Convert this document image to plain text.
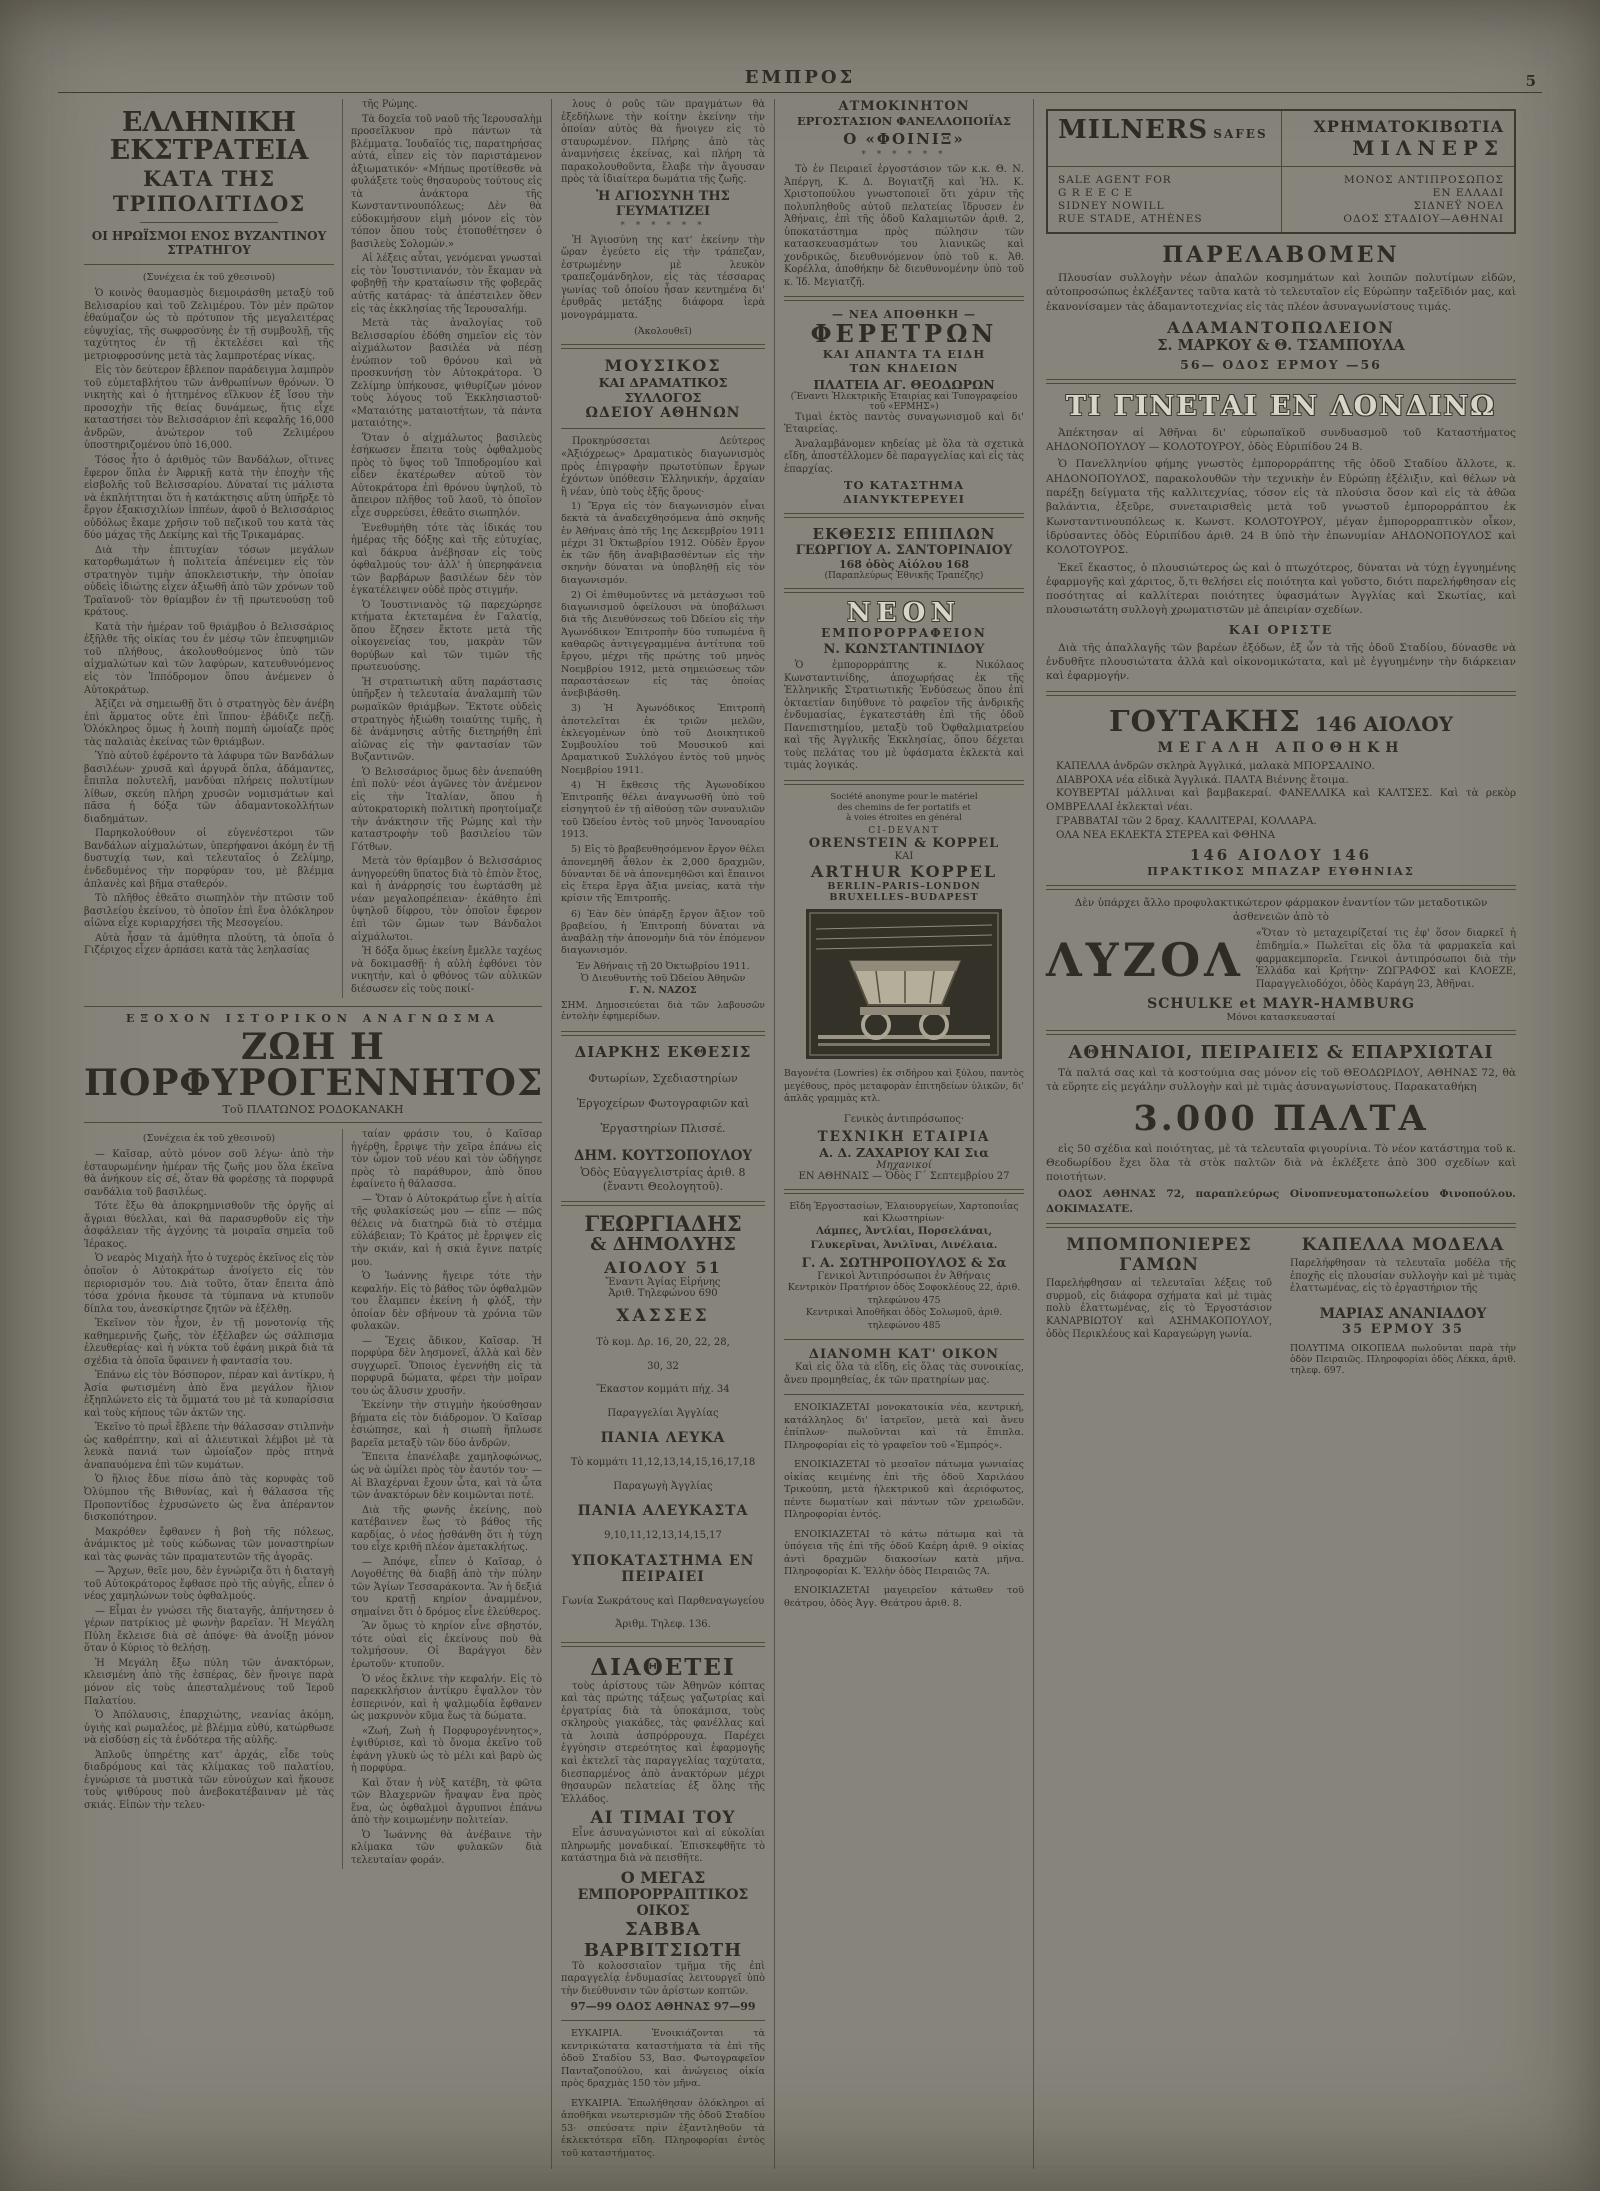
ΕΜΠΡΟΣ	5
ΕΛΛΗΝΙΚΗ ΕΚΣΤΡΑΤΕΙΑ
ΚΑΤΑ ΤΗΣ ΤΡΙΠΟΛΙΤΙΔΟΣ
ΟΙ ΗΡΩΪΣΜΟΙ ΕΝΟΣ ΒΥΖΑΝΤΙΝΟΥ ΣΤΡΑΤΗΓΟΥ

(Συνέχεια ἐκ τοῦ χθεσινοῦ)

Ὁ κοινὸς θαυμασμὸς διεμοιράσθη μεταξὺ τοῦ Βελισαρίου καὶ τοῦ Ζελιμέρου. Τὸν μὲν πρῶτον ἐθαύμαζον ὡς τὸ πρότυπον τῆς μεγαλειτέρας εὐψυχίας, τῆς σωφροσύνης ἐν τῇ συμβουλῇ, τῆς ταχύτητος ἐν τῇ ἐκτελέσει καὶ τῆς μετριοφροσύνης μετὰ τὰς λαμπροτέρας νίκας.

Εἰς τὸν δεύτερον ἔβλεπον παράδειγμα λαμπρὸν τοῦ εὐμεταβλήτου τῶν ἀνθρωπίνων θρόνων. Ὁ νικητὴς καὶ ὁ ἡττημένος εἵλκυον ἐξ ἴσου τὴν προσοχὴν τῆς θείας δυνάμεως, ἥτις εἶχε καταστήσει τὸν Βελισσάριον ἐπὶ κεφαλῆς 16,000 ἀνδρῶν, ἀνώτερον τοῦ Ζελιμέρου ὑποστηριζομένου ὑπὸ 16,000.

Τόσος ἦτο ὁ ἀριθμὸς τῶν Βανδάλων, οἵτινες ἔφερον ὅπλα ἐν Ἀφρικῇ κατὰ τὴν ἐποχὴν τῆς εἰσβολῆς τοῦ Βελισσαρίου. Δύναταί τις μάλιστα νὰ ἐκπλήττηται ὅτι ἡ κατάκτησις αὕτη ὑπῆρξε τὸ ἔργον ἑξακισχιλίων ἱππέων, ἀφοῦ ὁ Βελισσάριος οὐδόλως ἔκαμε χρῆσιν τοῦ πεζικοῦ του κατὰ τὰς δύο μάχας τῆς Δεκίμης καὶ τῆς Τρικαμάρας.

Διὰ τὴν ἐπιτυχίαν τόσων μεγάλων κατορθωμάτων ἡ πολιτεία ἀπένειμεν εἰς τὸν στρατηγὸν τιμὴν ἀποκλειστικήν, τὴν ὁποίαν οὐδεὶς ἰδιώτης εἶχεν ἀξιωθῆ ἀπὸ τῶν χρόνων τοῦ Τραϊανοῦ· τὸν θρίαμβον ἐν τῇ πρωτευούσῃ τοῦ κράτους.

Κατὰ τὴν ἡμέραν τοῦ θριάμβου ὁ Βελισσάριος ἐξῆλθε τῆς οἰκίας του ἐν μέσῳ τῶν ἐπευφημιῶν τοῦ πλήθους, ἀκολουθούμενος ὑπὸ τῶν αἰχμαλώτων καὶ τῶν λαφύρων, κατευθυνόμενος εἰς τὸν Ἱππόδρομον ὅπου ἀνέμενεν ὁ Αὐτοκράτωρ.

Ἀξίζει νὰ σημειωθῇ ὅτι ὁ στρατηγὸς δὲν ἀνέβη ἐπὶ ἅρματος οὔτε ἐπὶ ἵππου· ἐβάδιζε πεζῇ. Ὁλόκληρος ὅμως ἡ λοιπὴ πομπὴ ὡμοίαζε πρὸς τὰς παλαιὰς ἐκείνας τῶν θριάμβων.

Ὑπὸ αὐτοῦ ἐφέροντο τὰ λάφυρα τῶν Βανδάλων βασιλέων· χρυσᾶ καὶ ἀργυρᾶ ὅπλα, ἀδάμαντες, ἔπιπλα πολυτελῆ, μανδύαι πλήρεις πολυτίμων λίθων, σκεύη πλήρη χρυσῶν νομισμάτων καὶ πᾶσα ἡ δόξα τῶν ἀδαμαντοκολλήτων διαδημάτων.

Παρηκολούθουν οἱ εὐγενέστεροι τῶν Βανδάλων αἰχμαλώτων, ὑπερήφανοι ἀκόμη ἐν τῇ δυστυχίᾳ των, καὶ τελευταῖος ὁ Ζελίμηρ, ἐνδεδυμένος τὴν πορφύραν του, μὲ βλέμμα ἀπλανὲς καὶ βῆμα σταθερόν.

Τὸ πλῆθος ἐθεᾶτο σιωπηλὸν τὴν πτῶσιν τοῦ βασιλείου ἐκείνου, τὸ ὁποῖον ἐπὶ ἕνα ὁλόκληρον αἰῶνα εἶχε κυριαρχήσει τῆς Μεσογείου.

Αὐτὰ ἦσαν τὰ ἀμύθητα πλούτη, τὰ ὁποῖα ὁ Γιζέριχος εἶχεν ἁρπάσει κατὰ τὰς λεηλασίας

τῆς Ρώμης.

Τὰ δοχεῖα τοῦ ναοῦ τῆς Ἱερουσαλὴμ προσεῖλκυον πρὸ πάντων τὰ βλέμματα. Ἰουδαῖός τις, παρατηρήσας αὐτά, εἶπεν εἰς τὸν παριστάμενον ἀξιωματικόν· «Μήπως προτίθεσθε νὰ φυλάξετε τοὺς θησαυροὺς τούτους εἰς τὰ ἀνάκτορα τῆς Κωνσταντινουπόλεως; Δὲν θὰ εὐδοκιμήσουν εἰμὴ μόνον εἰς τὸν τόπον ὅπου τοὺς ἐτοποθέτησεν ὁ βασιλεὺς Σολομών.»

Αἱ λέξεις αὗται, γενόμεναι γνωσταὶ εἰς τὸν Ἰουστινιανόν, τὸν ἔκαμαν νὰ φοβηθῇ τὴν κραταίωσιν τῆς φοβερᾶς αὐτῆς κατάρας· τὰ ἀπέστειλεν ὅθεν εἰς τὰς ἐκκλησίας τῆς Ἱερουσαλήμ.

Μετὰ τὰς ἀναλογίας τοῦ Βελισσαρίου ἐδόθη σημεῖον εἰς τὸν αἰχμάλωτον βασιλέα νὰ πέσῃ ἐνώπιον τοῦ θρόνου καὶ νὰ προσκυνήσῃ τὸν Αὐτοκράτορα. Ὁ Ζελίμηρ ὑπήκουσε, ψιθυρίζων μόνον τοὺς λόγους τοῦ Ἐκκλησιαστοῦ· «Ματαιότης ματαιοτήτων, τὰ πάντα ματαιότης».

Ὅταν ὁ αἰχμάλωτος βασιλεὺς ἐσήκωσεν ἔπειτα τοὺς ὀφθαλμοὺς πρὸς τὸ ὕψος τοῦ Ἱπποδρομίου καὶ εἶδεν ἑκατέρωθεν αὐτοῦ τὸν Αὐτοκράτορα ἐπὶ θρόνου ὑψηλοῦ, τὸ ἄπειρον πλῆθος τοῦ λαοῦ, τὸ ὁποῖον εἶχε συρρεύσει, ἐθεᾶτο σιωπηλόν.

Ἐνεθυμήθη τότε τὰς ἰδικάς του ἡμέρας τῆς δόξης καὶ τῆς εὐτυχίας, καὶ δάκρυα ἀνέβησαν εἰς τοὺς ὀφθαλμούς του· ἀλλ' ἡ ὑπερηφάνεια τῶν βαρβάρων βασιλέων δὲν τὸν ἐγκατέλειψεν οὐδὲ πρὸς στιγμήν.

Ὁ Ἰουστινιανὸς τῷ παρεχώρησε κτήματα ἐκτεταμένα ἐν Γαλατίᾳ, ὅπου ἔζησεν ἔκτοτε μετὰ τῆς οἰκογενείας του, μακρὰν τῶν θορύβων καὶ τῶν τιμῶν τῆς πρωτευούσης.

Ἡ στρατιωτικὴ αὕτη παράστασις ὑπῆρξεν ἡ τελευταία ἀναλαμπὴ τῶν ρωμαϊκῶν θριάμβων. Ἔκτοτε οὐδεὶς στρατηγὸς ἠξιώθη τοιαύτης τιμῆς, ἡ δὲ ἀνάμνησις αὐτῆς διετηρήθη ἐπὶ αἰῶνας εἰς τὴν φαντασίαν τῶν Βυζαντινῶν.

Ὁ Βελισσάριος ὅμως δὲν ἀνεπαύθη ἐπὶ πολύ· νέοι ἀγῶνες τὸν ἀνέμενον εἰς τὴν Ἰταλίαν, ὅπου ἡ αὐτοκρατορικὴ πολιτικὴ προητοίμαζε τὴν ἀνάκτησιν τῆς Ρώμης καὶ τὴν καταστροφὴν τοῦ βασιλείου τῶν Γότθων.

Μετὰ τὸν θρίαμβον ὁ Βελισσάριος ἀνηγορεύθη ὕπατος διὰ τὸ ἐπιὸν ἔτος, καὶ ἡ ἀνάρρησίς του ἑωρτάσθη μὲ νέαν μεγαλοπρέπειαν· ἐκάθητο ἐπὶ ὑψηλοῦ δίφρου, τὸν ὁποῖον ἔφερον ἐπὶ τῶν ὤμων των Βάνδαλοι αἰχμάλωτοι.

Ἡ δόξα ὅμως ἐκείνη ἔμελλε ταχέως νὰ δοκιμασθῇ· ἡ αὐλὴ ἐφθόνει τὸν νικητήν, καὶ ὁ φθόνος τῶν αὐλικῶν διέσωσεν εἰς τοὺς ποικί-

ΕΞΟΧΟΝ ΙΣΤΟΡΙΚΟΝ ΑΝΑΓΝΩΣΜΑ
ΖΩΗ Η ΠΟΡΦΥΡΟΓΕΝΝΗΤΟΣ
Τοῦ ΠΛΑΤΩΝΟΣ ΡΟΔΟΚΑΝΑΚΗ

(Συνέχεια ἐκ τοῦ χθεσινοῦ)

— Καῖσαρ, αὐτὸ μόνον σοῦ λέγω· ἀπὸ τὴν ἐσταυρωμένην ἡμέραν τῆς ζωῆς μου ὅλα ἐκεῖνα θὰ ἀνήκουν εἰς σέ, ὅταν θὰ φορέσῃς τὰ πορφυρᾶ σανδάλια τοῦ βασιλέως.

Τότε ἔξω θὰ ἀποκρημνισθοῦν τῆς ὀργῆς αἱ ἄγριαι θύελλαι, καὶ θὰ παρασυρθοῦν εἰς τὴν ἀσφάλειαν τῆς ἀγχόνης τὰ μοιραῖα σημεῖα τοῦ Ἱέρακος.

Ὁ νεαρὸς Μιχαὴλ ἦτο ὁ τυχερὸς ἐκεῖνος εἰς τὸν ὁποῖον ὁ Αὐτοκράτωρ ἀνοίγετο εἰς τὸν περιορισμόν του. Διὰ τοῦτο, ὅταν ἔπειτα ἀπὸ τόσα χρόνια ἤκουσε τὰ τύμπανα νὰ κτυποῦν δίπλα του, ἀνεσκίρτησε ζητῶν νὰ ἐξέλθῃ.

Ἐκεῖνον τὸν ἦχον, ἐν τῇ μονοτονίᾳ τῆς καθημερινῆς ζωῆς, τὸν ἐξέλαβεν ὡς σάλπισμα ἐλευθερίας· καὶ ἡ νύκτα τοῦ ἐφάνη μικρὰ διὰ τὰ σχέδια τὰ ὁποῖα ὕφαινεν ἡ φαντασία του.

Ἐπάνω εἰς τὸν Βόσπορον, πέραν καὶ ἀντίκρυ, ἡ Ἀσία φωτισμένη ἀπὸ ἕνα μεγάλον ἥλιον ἐξηπλώνετο εἰς τὰ ὄμματά του μὲ τὰ κυπαρίσσια καὶ τοὺς κήπους τῶν ἀκτῶν της.

Ἐκεῖνο τὸ πρωῒ ἔβλεπε τὴν θάλασσαν στιλπνὴν ὡς καθρέπτην, καὶ αἱ ἁλιευτικαὶ λέμβοι μὲ τὰ λευκὰ πανιά των ὡμοίαζον πρὸς πτηνὰ ἀναπαυόμενα ἐπὶ τῶν κυμάτων.

Ὁ ἥλιος ἔδυε πίσω ἀπὸ τὰς κορυφὰς τοῦ Ὀλύμπου τῆς Βιθυνίας, καὶ ἡ θάλασσα τῆς Προποντίδος ἐχρυσώνετο ὡς ἕνα ἀπέραντον δισκοπότηρον.

Μακρόθεν ἔφθανεν ἡ βοὴ τῆς πόλεως, ἀνάμικτος μὲ τοὺς κώδωνας τῶν μοναστηρίων καὶ τὰς φωνὰς τῶν πραματευτῶν τῆς ἀγορᾶς.

— Ἄρχων, θεῖε μου, δὲν ἐγνώριζα ὅτι ἡ διαταγὴ τοῦ Αὐτοκράτορος ἔφθασε πρὸ τῆς αὐγῆς, εἶπεν ὁ νέος χαμηλώνων τοὺς ὀφθαλμούς.

— Εἶμαι ἐν γνώσει τῆς διαταγῆς, ἀπήντησεν ὁ γέρων πατρίκιος μὲ φωνὴν βαρεῖαν. Ἡ Μεγάλη Πύλη ἔκλεισε διὰ σὲ ἀπόψε· θὰ ἀνοίξῃ μόνον ὅταν ὁ Κύριος τὸ θελήσῃ.

Ἡ Μεγάλη ἔξω πύλη τῶν ἀνακτόρων, κλεισμένη ἀπὸ τῆς ἑσπέρας, δὲν ἤνοιγε παρὰ μόνον εἰς τοὺς ἀπεσταλμένους τοῦ Ἱεροῦ Παλατίου.

Ὁ Ἀπόλαυσις, ἐπαρχιώτης, νεανίας ἀκόμη, ὑγιὴς καὶ ρωμαλέος, μὲ βλέμμα εὐθύ, κατώρθωσε νὰ εἰσδύσῃ εἰς τὰ ἐνδότερα τῆς αὐλῆς.

Ἁπλοῦς ὑπηρέτης κατ' ἀρχάς, εἶδε τοὺς διαδρόμους καὶ τὰς κλίμακας τοῦ παλατίου, ἐγνώρισε τὰ μυστικὰ τῶν εὐνούχων καὶ ἤκουσε τοὺς ψιθύρους ποὺ ἀνεβοκατέβαιναν μὲ τὰς σκιάς. Εἰπὼν τὴν τελευ-

ταίαν φράσιν του, ὁ Καῖσαρ ἠγέρθη, ἔρριψε τὴν χεῖρα ἐπάνω εἰς τὸν ὦμον τοῦ νέου καὶ τὸν ὡδήγησε πρὸς τὸ παράθυρον, ἀπὸ ὅπου ἐφαίνετο ἡ θάλασσα.

— Ὅταν ὁ Αὐτοκράτωρ εἶνε ἡ αἰτία τῆς φυλακίσεώς μου — εἶπε — πῶς θέλεις νὰ διατηρῶ διὰ τὸ στέμμα εὐλάβειαν; Τὸ Κράτος μὲ ἔρριψεν εἰς τὴν σκιάν, καὶ ἡ σκιὰ ἔγινε πατρίς μου.

Ὁ Ἰωάννης ἤγειρε τότε τὴν κεφαλήν. Εἰς τὸ βάθος τῶν ὀφθαλμῶν του ἔλαμπεν ἐκείνη ἡ φλόξ, τὴν ὁποίαν δὲν σβήνουν τὰ χρόνια τῶν φυλακῶν.

— Ἔχεις ἄδικον, Καῖσαρ. Ἡ πορφύρα δὲν λησμονεῖ, ἀλλὰ καὶ δὲν συγχωρεῖ. Ὅποιος ἐγεννήθη εἰς τὰ πορφυρᾶ δώματα, φέρει τὴν μοῖραν του ὡς ἄλυσιν χρυσῆν.

Ἐκείνην τὴν στιγμὴν ἠκούσθησαν βήματα εἰς τὸν διάδρομον. Ὁ Καῖσαρ ἐσιώπησε, καὶ ἡ σιωπὴ ἥπλωσε βαρεῖα μεταξὺ τῶν δύο ἀνδρῶν.

Ἔπειτα ἐπανέλαβε χαμηλοφώνως, ὡς νὰ ὡμίλει πρὸς τὸν ἑαυτόν του· — Αἱ Βλαχέρναι ἔχουν ὦτα, καὶ τὰ ὦτα τῶν ἀνακτόρων δὲν κοιμῶνται ποτέ.

Διὰ τῆς φωνῆς ἐκείνης, ποὺ κατέβαινεν ἕως τὸ βάθος τῆς καρδίας, ὁ νέος ᾐσθάνθη ὅτι ἡ τύχη του εἶχε κριθῆ πλέον ἀμετακλήτως.

— Ἀπόψε, εἶπεν ὁ Καῖσαρ, ὁ Λογοθέτης θὰ διαβῇ ἀπὸ τὴν πύλην τῶν Ἁγίων Τεσσαράκοντα. Ἂν ἡ δεξιά του κρατῇ κηρίον ἀναμμένον, σημαίνει ὅτι ὁ δρόμος εἶνε ἐλεύθερος.

Ἂν ὅμως τὸ κηρίον εἶνε σβηστόν, τότε οὐαὶ εἰς ἐκείνους ποὺ θὰ τολμήσουν. Οἱ Βαράγγοι δὲν ἐρωτοῦν· κτυποῦν.

Ὁ νέος ἔκλινε τὴν κεφαλήν. Εἰς τὸ παρεκκλήσιον ἀντίκρυ ἔψαλλον τὸν ἑσπερινόν, καὶ ἡ ψαλμῳδία ἔφθανεν ὡς μακρυνὸν κῦμα ἕως τὰ δώματα.

«Ζωή, Ζωὴ ἡ Πορφυρογέννητος», ἐψιθύρισε, καὶ τὸ ὄνομα ἐκεῖνο τοῦ ἐφάνη γλυκὺ ὡς τὸ μέλι καὶ βαρὺ ὡς ἡ πορφύρα.

Καὶ ὅταν ἡ νὺξ κατέβη, τὰ φῶτα τῶν Βλαχερνῶν ἤναψαν ἕνα πρὸς ἕνα, ὡς ὀφθαλμοὶ ἄγρυπνοι ἐπάνω ἀπὸ τὴν κοιμωμένην πολιτείαν.

Ὁ Ἰωάννης θὰ ἀνέβαινε τὴν κλίμακα τῶν φυλακῶν διὰ τελευταίαν φοράν.

λους ὁ ροῦς τῶν πραγμάτων θὰ ἐξεδήλωνε τὴν κοίτην ἐκείνην τὴν ὁποίαν αὐτὸς θὰ ἤνοιγεν εἰς τὸ σταυρωμένον. Πλήρης ἀπὸ τὰς ἀναμνήσεις ἐκείνας, καὶ πλήρη τὰ παρακολουθοῦντα, ἔλαβε τὴν ἄγουσαν πρὸς τὰ ἰδιαίτερα δωμάτια τῆς ζωῆς.

Ἡ ΑΓΙΟΣΥΝΗ ΤΗΣ ΓΕΥΜΑΤΙΖΕΙ
* * * * * *

Ἡ Ἁγιοσύνη της κατ' ἐκείνην τὴν ὥραν ἐγεύετο εἰς τὴν τράπεζαν, ἐστρωμένην μὲ λευκὸν τραπεζομάνδηλον, εἰς τὰς τέσσαρας γωνίας τοῦ ὁποίου ἦσαν κεντημένα δι' ἐρυθρᾶς μετάξης διάφορα ἱερὰ μονογράμματα.

(Ἀκολουθεῖ)

ΜΟΥΣΙΚΟΣ
ΚΑΙ ΔΡΑΜΑΤΙΚΟΣ ΣΥΛΛΟΓΟΣ
ΩΔΕΙΟΥ ΑΘΗΝΩΝ

Προκηρύσσεται Δεύτερος «Ἀξιόχρεως» Δραματικὸς διαγωνισμὸς πρὸς ἐπιγραφὴν πρωτοτύπων ἔργων ἐχόντων ὑπόθεσιν Ἑλληνικήν, ἀρχαίαν ἢ νέαν, ὑπὸ τοὺς ἑξῆς ὅρους·

1) Ἔργα εἰς τὸν διαγωνισμὸν εἶναι δεκτὰ τὰ ἀναδειχθησόμενα ἀπὸ σκηνῆς ἐν Ἀθήναις ἀπὸ τῆς 1ης Δεκεμβρίου 1911 μέχρι 31 Ὀκτωβρίου 1912. Οὐδὲν ἔργον ἐκ τῶν ἤδη ἀναβιβασθέντων εἰς τὴν σκηνὴν δύναται νὰ ὑποβληθῇ εἰς τὸν διαγωνισμόν.

2) Οἱ ἐπιθυμοῦντες νὰ μετάσχωσι τοῦ διαγωνισμοῦ ὀφείλουσι νὰ ὑποβάλωσι διὰ τῆς Διευθύνσεως τοῦ Ὠδείου εἰς τὴν Ἀγωνόδικον Ἐπιτροπὴν δύο τυπωμένα ἢ καθαρῶς ἀντιγεγραμμένα ἀντίτυπα τοῦ ἔργου, μέχρι τῆς πρώτης τοῦ μηνὸς Νοεμβρίου 1912, μετὰ σημειώσεως τῶν παραστάσεων εἰς τὰς ὁποίας ἀνεβιβάσθη.

3) Ἡ Ἀγωνόδικος Ἐπιτροπὴ ἀποτελεῖται ἐκ τριῶν μελῶν, ἐκλεγομένων ὑπὸ τοῦ Διοικητικοῦ Συμβουλίου τοῦ Μουσικοῦ καὶ Δραματικοῦ Συλλόγου ἐντὸς τοῦ μηνὸς Νοεμβρίου 1911.

4) Ἡ ἔκθεσις τῆς Ἀγωνοδίκου Ἐπιτροπῆς θέλει ἀναγνωσθῆ ὑπὸ τοῦ εἰσηγητοῦ ἐν τῇ αἰθούσῃ τῶν συναυλιῶν τοῦ Ὠδείου ἐντὸς τοῦ μηνὸς Ἰανουαρίου 1913.

5) Εἰς τὸ βραβευθησόμενον ἔργον θέλει ἀπονεμηθῆ ἆθλον ἐκ 2,000 δραχμῶν, δύνανται δὲ νὰ ἀπονεμηθῶσι καὶ ἔπαινοι εἰς ἕτερα ἔργα ἄξια μνείας, κατὰ τὴν κρίσιν τῆς Ἐπιτροπῆς.

6) Ἐὰν δὲν ὑπάρξῃ ἔργον ἄξιον τοῦ βραβείου, ἡ Ἐπιτροπὴ δύναται νὰ ἀναβάλῃ τὴν ἀπονομὴν διὰ τὸν ἑπόμενον διαγωνισμόν.

Ἐν Ἀθήναις τῇ 20 Ὀκτωβρίου 1911.
Ὁ Διευθυντὴς τοῦ Ὠδείου Ἀθηνῶν
Γ. Ν. ΝΑΖΟΣ

ΣΗΜ. Δημοσιεύεται διὰ τῶν λαβουσῶν ἐντολὴν ἐφημερίδων.

ΔΙΑΡΚΗΣ ΕΚΘΕΣΙΣ

Φυτωρίων, Σχεδιαστηρίων

Ἐργοχείρων Φωτογραφιῶν καὶ

Ἐργαστηρίων Πλισσέ.

ΔΗΜ. ΚΟΥΤΣΟΠΟΥΛΟΥ
Ὁδὸς Εὐαγγελιστρίας ἀριθ. 8 (ἔναντι Θεολογητοῦ).
ΓΕΩΡΓΙΑΔΗΣ
& ΔΗΜΟΛΥΗΣ
ΑΙΟΛΟΥ 51
Ἔναντι Ἁγίας Εἰρήνης
Ἀριθ. Τηλεφώνου 690
ΧΑΣΣΕΣ

Τὸ κομ. Δρ. 16, 20, 22, 28,

30, 32

Ἕκαστον κομμάτι πήχ. 34

Παραγγελίαι Ἀγγλίας

ΠΑΝΙΑ ΛΕΥΚΑ

Τὸ κομμάτι 11,12,13,14,15,16,17,18

Παραγωγὴ Ἀγγλίας

ΠΑΝΙΑ ΑΛΕΥΚΑΣΤΑ

9,10,11,12,13,14,15,17

ΥΠΟΚΑΤΑΣΤΗΜΑ ΕΝ ΠΕΙΡΑΙΕΙ

Γωνία Σωκράτους καὶ Παρθεναγωγείου

Ἀριθμ. Τηλεφ. 136.

ΔΙΑΘΕΤΕΙ

τοὺς ἀρίστους τῶν Ἀθηνῶν κόπτας καὶ τὰς πρώτης τάξεως γαζωτρίας καὶ ἐργατρίας διὰ τὰ ὑποκάμισα, τοὺς σκληροὺς γιακάδες, τὰς φανέλλας καὶ τὰ λοιπὰ ἀσπρόρρουχα. Παρέχει ἐγγύησιν στερεότητος καὶ ἐφαρμογῆς καὶ ἐκτελεῖ τὰς παραγγελίας ταχύτατα, διεσπαρμένος ἀπὸ ἀνακτόρων μέχρι θησαυρῶν πελατείας ἐξ ὅλης τῆς Ἑλλάδος.

ΑΙ ΤΙΜΑΙ ΤΟΥ

Εἶνε ἀσυναγώνιστοι καὶ αἱ εὐκολίαι πληρωμῆς μοναδικαί. Ἐπισκεφθῆτε τὸ κατάστημα διὰ νὰ πεισθῆτε.

Ο ΜΕΓΑΣ
ΕΜΠΟΡΟΡΡΑΠΤΙΚΟΣ ΟΙΚΟΣ
ΣΑΒΒΑ ΒΑΡΒΙΤΣΙΩΤΗ

Τὸ κολοσσιαῖον τμῆμα τῆς ἐπὶ παραγγελίᾳ ἐνδυμασίας λειτουργεῖ ὑπὸ τὴν διεύθυνσιν τῶν ἀρίστων κοπτῶν.

97—99 ΟΔΟΣ ΑΘΗΝΑΣ 97—99

ΕΥΚΑΙΡΙΑ. Ἐνοικιάζονται τὰ κεντρικώτατα καταστήματα τὰ ἐπὶ τῆς ὁδοῦ Σταδίου 53, Βασ. Φωτογραφεῖον Πανταζοπούλου, καὶ ἀνώγειος οἰκία πρὸς δραχμὰς 150 τὸν μῆνα.

ΕΥΚΑΙΡΙΑ. Ἐπωλήθησαν ὁλόκληροι αἱ ἀποθῆκαι νεωτερισμῶν τῆς ὁδοῦ Σταδίου 53· σπεύσατε πρὶν ἐξαντληθοῦν τὰ ἐκλεκτότερα εἴδη. Πληροφορίαι ἐντὸς τοῦ καταστήματος.

ΑΤΜΟΚΙΝΗΤΟΝ
ΕΡΓΟΣΤΑΣΙΟΝ ΦΑΝΕΛΛΟΠΟΙΪΑΣ
Ο «ΦΟΙΝΙΞ»
* * * * * *

Τὸ ἐν Πειραιεῖ ἐργοστάσιον τῶν κ.κ. Θ. Ν. Ἀπέργη, Κ. Δ. Βογιατζῆ καὶ Ἠλ. Κ. Χριστοπούλου γνωστοποιεῖ ὅτι χάριν τῆς πολυπληθοῦς αὐτοῦ πελατείας ἵδρυσεν ἐν Ἀθήναις, ἐπὶ τῆς ὁδοῦ Καλαμιωτῶν ἀριθ. 2, ὑποκατάστημα πρὸς πώλησιν τῶν κατασκευασμάτων του λιανικῶς καὶ χονδρικῶς, διευθυνόμενον ὑπὸ τοῦ κ. Ἀθ. Κορέλλα, ἀποθήκην δὲ διευθυνομένην ὑπὸ τοῦ κ. Ἰδ. Μεγιατζῆ.

— ΝΕΑ ΑΠΟΘΗΚΗ —
ΦΕΡΕΤΡΩΝ
ΚΑΙ ΑΠΑΝΤΑ ΤΑ ΕΙΔΗ
ΤΩΝ ΚΗΔΕΙΩΝ
ΠΛΑΤΕΙΑ ΑΓ. ΘΕΟΔΩΡΩΝ
(Ἔναντι Ἠλεκτρικῆς Ἑταιρίας καὶ Τυπογραφείου τοῦ «ΕΡΜΗΣ»)

Τιμαὶ ἐκτὸς παντὸς συναγωνισμοῦ καὶ δι' Ἑταιρείας.

Ἀναλαμβάνομεν κηδείας μὲ ὅλα τὰ σχετικὰ εἴδη, ἀποστέλλομεν δὲ παραγγελίας καὶ εἰς τὰς ἐπαρχίας.

ΤΟ ΚΑΤΑΣΤΗΜΑ ΔΙΑΝΥΚΤΕΡΕΥΕΙ
ΕΚΘΕΣΙΣ ΕΠΙΠΛΩΝ
ΓΕΩΡΓΙΟΥ Α. ΣΑΝΤΟΡΙΝΑΙΟΥ
168 ὁδὸς Αἰόλου 168
(Παραπλεύρως Ἐθνικῆς Τραπέζης)
ΝΕΟΝ
ΕΜΠΟΡΟΡΡΑΦΕΙΟΝ
Ν. ΚΩΝΣΤΑΝΤΙΝΙΔΟΥ

Ὁ ἐμπορορράπτης κ. Νικόλαος Κωνσταντινίδης, ἀποχωρήσας ἐκ τῆς Ἑλληνικῆς Στρατιωτικῆς Ἐνδύσεως ὅπου ἐπὶ ὀκταετίαν διηύθυνε τὸ ραφεῖον τῆς ἀνδρικῆς ἐνδυμασίας, ἐγκατεστάθη ἐπὶ τῆς ὁδοῦ Πανεπιστημίου, μεταξὺ τοῦ Ὀφθαλμιατρείου καὶ τῆς Ἀγγλικῆς Ἐκκλησίας, ὅπου δέχεται τοὺς πελάτας του μὲ ὑφάσματα ἐκλεκτὰ καὶ τιμὰς λογικάς.

Société anonyme pour le matériel

des chemins de fer portatifs et

à voies étroites en général

CI-DEVANT
ORENSTEIN & KOPPEL
ΚΑΙ
ARTHUR KOPPEL
BERLIN–PARIS–LONDON
BRUXELLES–BUDAPEST

Βαγονέτα (Lowries) ἐκ σιδήρου καὶ ξύλου, παντὸς μεγέθους, πρὸς μεταφορὰν ἐπιτηδείων ὑλικῶν, δι' ἁπλᾶς γραμμὰς κτλ.

Γενικὸς ἀντιπρόσωπος·
ΤΕΧΝΙΚΗ ΕΤΑΙΡΙΑ
Α. Δ. ΖΑΧΑΡΙΟΥ ΚΑΙ Σια
Μηχανικοί
ΕΝ ΑΘΗΝΑΙΣ — Ὁδὸς Γ΄ Σεπτεμβρίου 27
Εἴδη Ἐργοστασίων, Ἐλαιουργείων, Χαρτοποιΐας καὶ Κλωστηρίων·
Λάμπες, Ἀντλίαι, Πορσελάναι, Γλυκερῖναι, Ἀνιλῖναι, Λινέλαια.
Γ. Α. ΣΩΤΗΡΟΠΟΥΛΟΣ & Σα
Γενικοὶ Ἀντιπρόσωποι ἐν Ἀθήναις
Κεντρικὸν Πρατήριον ὁδὸς Σοφοκλέους 22, ἀριθ. τηλεφώνου 475
Κεντρικαὶ Ἀποθῆκαι ὁδὸς Σολωμοῦ, ἀριθ. τηλεφώνου 485
ΔΙΑΝΟΜΗ ΚΑΤ' ΟΙΚΟΝ

Καὶ εἰς ὅλα τὰ εἴδη, εἰς ὅλας τὰς συνοικίας, ἄνευ προμηθείας, ἐκ τῶν πρατηρίων μας.

ΕΝΟΙΚΙΑΖΕΤΑΙ μονοκατοικία νέα, κεντρική, κατάλληλος δι' ἰατρεῖον, μετὰ καὶ ἄνευ ἐπίπλων· πωλοῦνται καὶ τὰ ἔπιπλα. Πληροφορίαι εἰς τὸ γραφεῖον τοῦ «Ἐμπρός».

ΕΝΟΙΚΙΑΖΕΤΑΙ τὸ μεσαῖον πάτωμα γωνιαίας οἰκίας κειμένης ἐπὶ τῆς ὁδοῦ Χαριλάου Τρικούπη, μετὰ ἠλεκτρικοῦ καὶ ἀεριόφωτος, πέντε δωματίων καὶ πάντων τῶν χρειωδῶν. Πληροφορίαι ἐντός.

ΕΝΟΙΚΙΑΖΕΤΑΙ τὸ κάτω πάτωμα καὶ τὰ ὑπόγεια τῆς ἐπὶ τῆς ὁδοῦ Καέρη ἀριθ. 9 οἰκίας ἀντὶ δραχμῶν διακοσίων κατὰ μῆνα. Πληροφορίαι Κ. Ἑλλὴν ὁδὸς Πειραιῶς 7Α.

ΕΝΟΙΚΙΑΖΕΤΑΙ μαγειρεῖον κάτωθεν τοῦ θεάτρου, ὁδὸς Ἀγγ. Θεάτρου ἀριθ. 8.

MILNERS SAFES	ΧΡΗΜΑΤΟΚΙΒΩΤΙΑ
ΜΙΛΝΕΡΣ

SALE AGENT FOR

G R E E C E

SIDNEY NOWILL

RUE STADE, ATHÈNES

ΜΟΝΟΣ ΑΝΤΙΠΡΟΣΩΠΟΣ

ΕΝ ΕΛΛΑΔΙ

ΣΙΔΝΕΫ ΝΟΕΛ

ΟΔΟΣ ΣΤΑΔΙΟΥ—ΑΘΗΝΑΙ

ΠΑΡΕΛΑΒΟΜΕΝ

Πλουσίαν συλλογὴν νέων ἁπαλῶν κοσμημάτων καὶ λοιπῶν πολυτίμων εἰδῶν, αὐτοπροσώπως ἐκλέξαντες ταῦτα κατὰ τὸ τελευταῖον εἰς Εὐρώπην ταξεῖδιόν μας, καὶ ἐκανονίσαμεν τὰς ἀδαμαντοτεχνίας εἰς τὰς πλέον ἀσυναγωνίστους τιμάς.

ΑΔΑΜΑΝΤΟΠΩΛΕΙΟΝ
Σ. ΜΑΡΚΟΥ & Θ. ΤΣΑΜΠΟΥΛΑ
56— ΟΔΟΣ ΕΡΜΟΥ —56
ΤΙ ΓΙΝΕΤΑΙ ΕΝ ΛΟΝΔΙΝΩ

Ἀπέκτησαν αἱ Ἀθῆναι δι' εὐρωπαϊκοῦ συνδυασμοῦ τοῦ Καταστήματος ΑΗΔΟΝΟΠΟΥΛΟΥ — ΚΟΛΟΤΟΥΡΟΥ, ὁδὸς Εὐριπίδου 24 Β.

Ὁ Πανελληνίου φήμης γνωστὸς ἐμπορορράπτης τῆς ὁδοῦ Σταδίου ἄλλοτε, κ. ΑΗΔΟΝΟΠΟΥΛΟΣ, παρακολουθῶν τὴν τεχνικὴν ἐν Εὐρώπῃ ἐξέλιξιν, καὶ θέλων νὰ παρέξῃ δείγματα τῆς καλλιτεχνίας, τόσον εἰς τὰ πλούσια ὅσον καὶ εἰς τὰ ἀθῶα βαλάντια, ἐξεῦρε, συνεταιρισθεὶς μετὰ τοῦ γνωστοῦ ἐμπορορράπτου ἐκ Κωνσταντινουπόλεως κ. Κωνστ. ΚΟΛΟΤΟΥΡΟΥ, μέγαν ἐμπορορραπτικὸν οἶκον, ἱδρύσαντες ὁδὸς Εὐριπίδου ἀριθ. 24 Β ὑπὸ τὴν ἐπωνυμίαν ΑΗΔΟΝΟΠΟΥΛΟΣ καὶ ΚΟΛΟΤΟΥΡΟΣ.

Ἐκεῖ ἕκαστος, ὁ πλουσιώτερος ὡς καὶ ὁ πτωχότερος, δύναται νὰ τύχῃ ἐγγυημένης ἐφαρμογῆς καὶ χάριτος, ὅ,τι θελήσει εἰς ποιότητα καὶ γοῦστο, διότι παρελήφθησαν εἰς ποσότητας αἱ καλλίτεραι ποιότητες ὑφασμάτων Ἀγγλίας καὶ Σκωτίας, καὶ πλουσιωτάτη συλλογὴ χρωματιστῶν μὲ ἀπειρίαν σχεδίων.

ΚΑΙ ΟΡΙΣΤΕ

Διὰ τῆς ἀπαλλαγῆς τῶν βαρέων ἐξόδων, ἐξ ὧν τὰ τῆς ὁδοῦ Σταδίου, δύνασθε νὰ ἐνδυθῆτε πλουσιώτατα ἀλλὰ καὶ οἰκονομικώτατα, καὶ μὲ ἐγγυημένην τὴν διάρκειαν καὶ ἐφαρμογήν.

ΓΟΥΤΑΚΗΣ 146 ΑΙΟΛΟΥ
ΜΕΓΑΛΗ ΑΠΟΘΗΚΗ

ΚΑΠΕΛΛΑ ἀνδρῶν σκληρὰ Ἀγγλικά, μαλακὰ ΜΠΟΡΣΑΛΙΝΟ.

ΔΙΑΒΡΟΧΑ νέα εἰδικὰ Ἀγγλικά. ΠΑΛΤΑ Βιέννης ἕτοιμα.

ΚΟΥΒΕΡΤΑΙ μάλλιναι καὶ βαμβακεραί. ΦΑΝΕΛΛΙΚΑ καὶ ΚΑΛΤΣΕΣ. Καὶ τὰ ρεκὸρ ΟΜΒΡΕΛΛΑΙ ἐκλεκταὶ νέαι.

ΓΡΑΒΒΑΤΑΙ τῶν 2 δραχ. ΚΑΛΛΙΤΕΡΑΙ, ΚΟΛΛΑΡΑ.

ΟΛΑ ΝΕΑ ΕΚΛΕΚΤΑ ΣΤΕΡΕΑ καὶ ΦΘΗΝΑ

146 ΑΙΟΛΟΥ 146
ΠΡΑΚΤΙΚΟΣ ΜΠΑΖΑΡ ΕΥΘΗΝΙΑΣ
Δὲν ὑπάρχει ἄλλο προφυλακτικώτερον φάρμακον ἐναντίον τῶν μεταδοτικῶν ἀσθενειῶν ἀπὸ τὸ
ΛΥΖΟΛ «Ὅταν τὸ μεταχειρίζεταί τις ἐφ' ὅσον διαρκεῖ ἡ ἐπιδημία.» Πωλεῖται εἰς ὅλα τὰ φαρμακεῖα καὶ φαρμακεμπορεῖα. Γενικοὶ ἀντιπρόσωποι διὰ τὴν Ἑλλάδα καὶ Κρήτην· ΖΩΓΡΑΦΟΣ καὶ ΚΛΟΕΖΕ, Παραγγελιοδόχοι, ὁδὸς Καράγη 23, Ἀθῆναι.
SCHULKE et MAYR-HAMBURG
Μόνοι κατασκευασταί
ΑΘΗΝΑΙΟΙ, ΠΕΙΡΑΙΕΙΣ & ΕΠΑΡΧΙΩΤΑΙ

Τὰ παλτά σας καὶ τὰ κοστούμια σας μόνον εἰς τοῦ ΘΕΟΔΩΡΙΔΟΥ, ΑΘΗΝΑΣ 72, θὰ τὰ εὕρητε εἰς μεγάλην συλλογὴν καὶ μὲ τιμὰς ἀσυναγωνίστους. Παρακαταθήκη

3.000 ΠΑΛΤΑ

εἰς 50 σχέδια καὶ ποιότητας, μὲ τὰ τελευταῖα φιγουρίνια. Τὸ νέον κατάστημα τοῦ κ. Θεοδωρίδου ἔχει ὅλα τὰ στὸκ παλτῶν διὰ νὰ ἐκλέξετε ἀπὸ 300 σχεδίων καὶ ποιοτήτων.

ΟΔΟΣ ΑΘΗΝΑΣ 72, παραπλεύρως Οἰνοπνευματοπωλείου Φινοπούλου. ΔΟΚΙΜΑΣΑΤΕ.

ΜΠΟΜΠΟΝΙΕΡΕΣ ΓΑΜΩΝ

Παρελήφθησαν αἱ τελευταῖαι λέξεις τοῦ συρμοῦ, εἰς διάφορα σχήματα καὶ μὲ τιμὰς πολὺ ἐλαττωμένας, εἰς τὸ Ἐργοστάσιον ΚΑΝΑΡΒΙΩΤΟΥ καὶ ΑΣΗΜΑΚΟΠΟΥΛΟΥ, ὁδὸς Περικλέους καὶ Καραγεώργη γωνία.

ΚΑΠΕΛΛΑ ΜΟΔΕΛΑ

Παρελήφθησαν τὰ τελευταῖα μοδέλα τῆς ἐποχῆς εἰς πλουσίαν συλλογὴν καὶ μὲ τιμὰς ἐλαττωμένας, εἰς τὸ ἐργαστήριον τῆς

ΜΑΡΙΑΣ ΑΝΑΝΙΑΔΟΥ
35 ΕΡΜΟΥ 35

ΠΟΛΥΤΙΜΑ ΟΙΚΟΠΕΔΑ πωλοῦνται παρὰ τὴν ὁδὸν Πειραιῶς. Πληροφορίαι ὁδὸς Λέκκα, ἀριθ. τηλεφ. 697.
